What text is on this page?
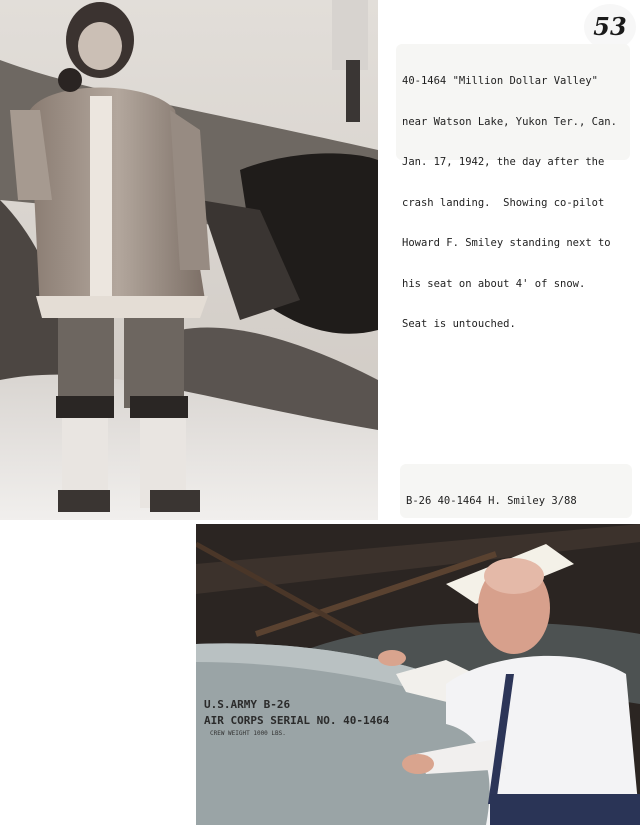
53

40-1464 "Million Dollar Valley"

near Watson Lake, Yukon Ter., Can.

Jan. 17, 1942, the day after the

crash landing.  Showing co-pilot

Howard F. Smiley standing next to

his seat on about 4' of snow.

Seat is untouched.

B-26 40-1464 H. Smiley 3/88

U.S.ARMY B-26
AIR CORPS SERIAL NO. 40-1464
CREW WEIGHT 1000 LBS.
